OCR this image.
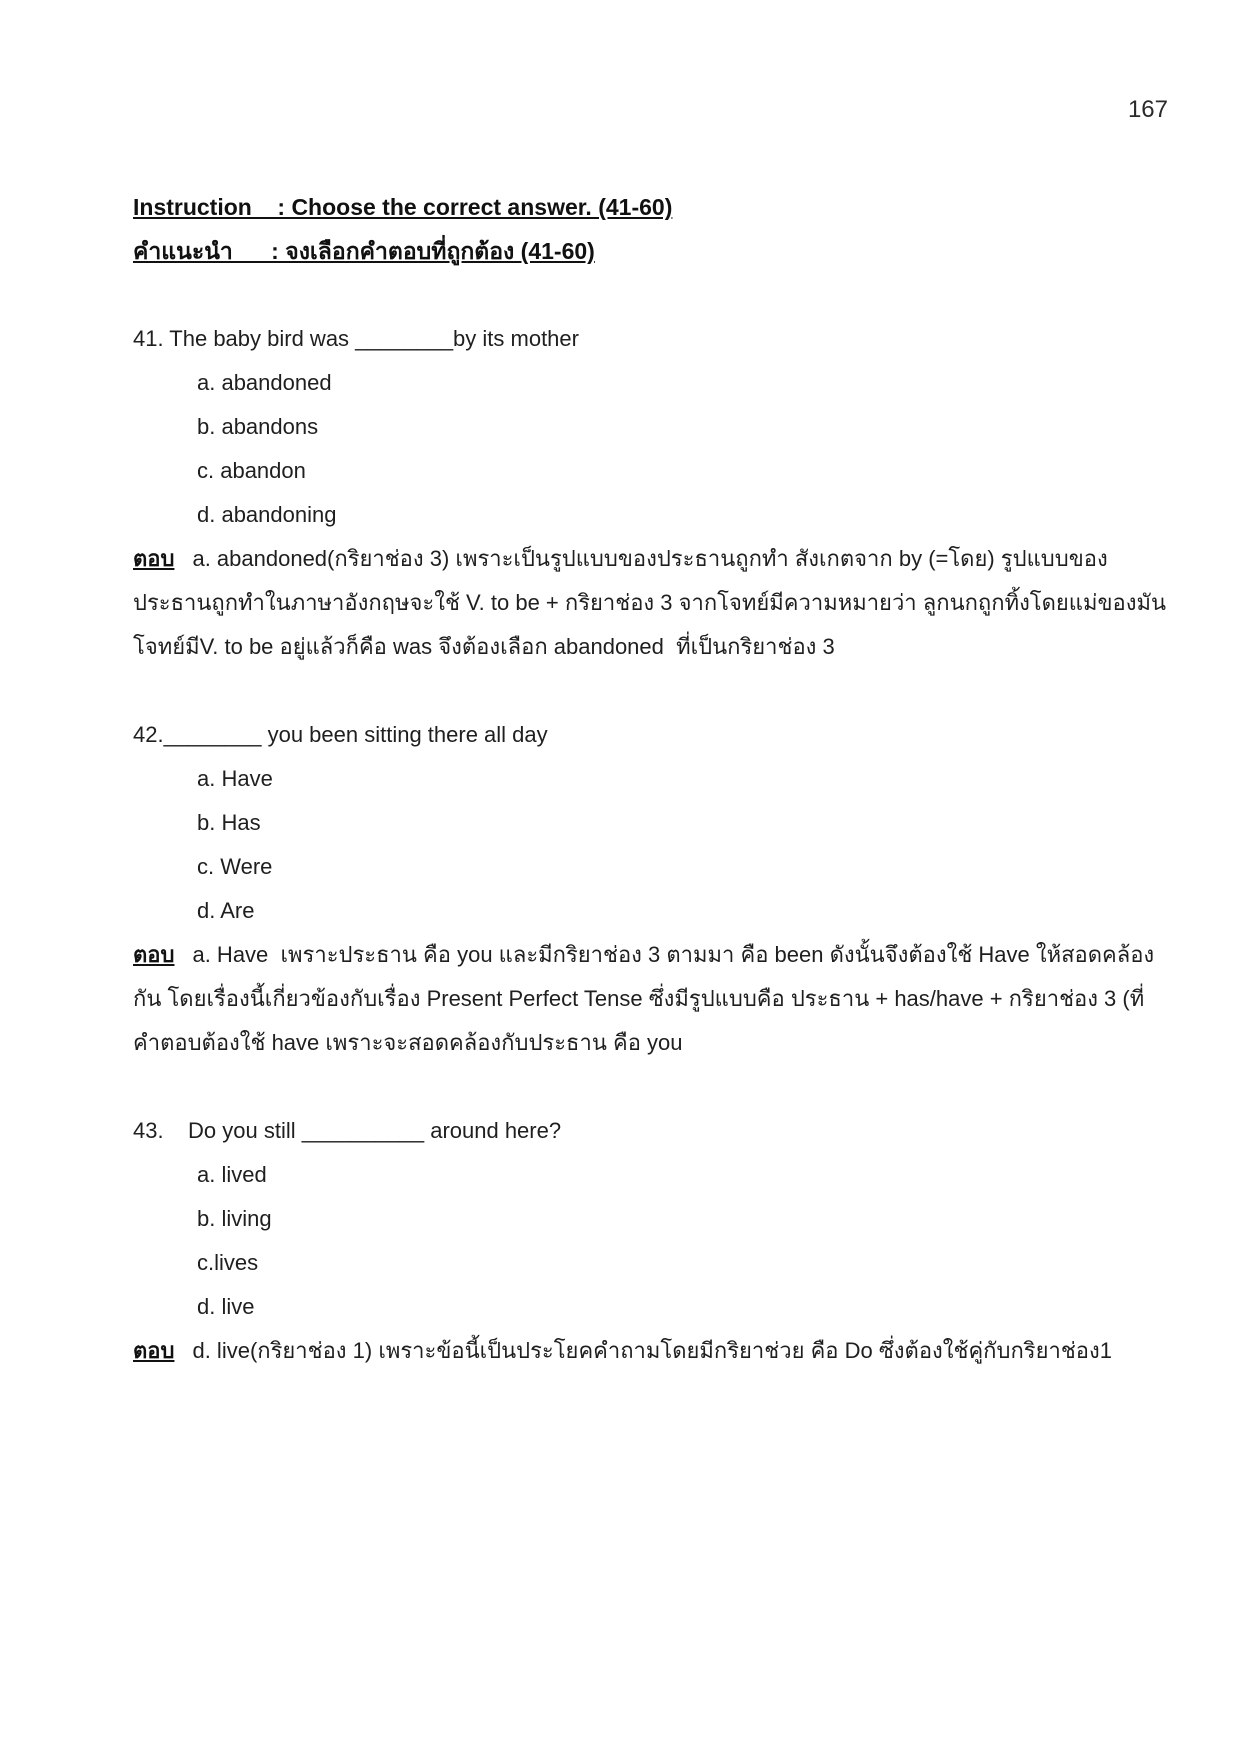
167
Instruction    : Choose the correct answer. (41-60)
คำแนะนำ      : จงเลือกคำตอบที่ถูกต้อง (41-60)
41. The baby bird was ________by its mother
a. abandoned
b. abandons
c. abandon
d. abandoning
ตอบ a. abandoned(กริยาช่อง 3) เพราะเป็นรูปแบบของประธานถูกทำ สังเกตจาก by (=โดย) รูปแบบของ
ประธานถูกทำในภาษาอังกฤษจะใช้ V. to be + กริยาช่อง 3 จากโจทย์มีความหมายว่า ลูกนกถูกทิ้งโดยแม่ของมัน
โจทย์มีV. to be อยู่แล้วก็คือ was จึงต้องเลือก abandoned  ที่เป็นกริยาช่อง 3
42.________ you been sitting there all day
a. Have
b. Has
c. Were
d. Are
ตอบ a. Have  เพราะประธาน คือ you และมีกริยาช่อง 3 ตามมา คือ been ดังนั้นจึงต้องใช้ Have ให้สอดคล้อง
กัน โดยเรื่องนี้เกี่ยวข้องกับเรื่อง Present Perfect Tense ซึ่งมีรูปแบบคือ ประธาน + has/have + กริยาช่อง 3 (ที่
คำตอบต้องใช้ have เพราะจะสอดคล้องกับประธาน คือ you
43.    Do you still __________ around here?
a. lived
b. living
c.lives
d. live
ตอบ d. live(กริยาช่อง 1) เพราะข้อนี้เป็นประโยคคำถามโดยมีกริยาช่วย คือ Do ซึ่งต้องใช้คู่กับกริยาช่อง1
